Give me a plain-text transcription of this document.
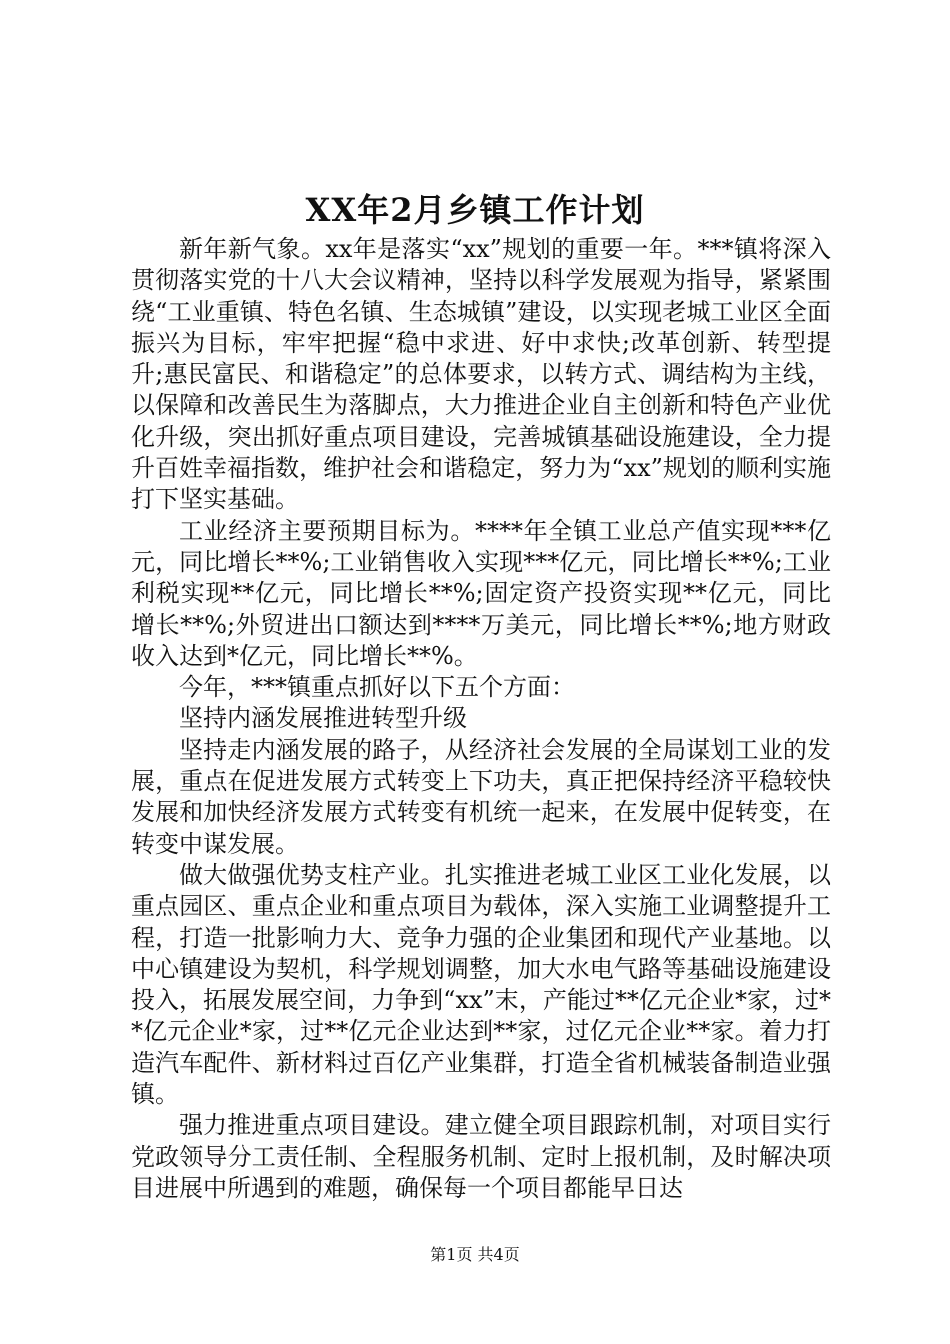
XX年2月乡镇工作计划

新年新气象。xx年是落实“xx”规划的重要一年。***镇将深入贯彻落实党的十八大会议精神，坚持以科学发展观为指导，紧紧围绕“工业重镇、特色名镇、生态城镇”建设，以实现老城工业区全面振兴为目标，牢牢把握“稳中求进、好中求快;改革创新、转型提升;惠民富民、和谐稳定”的总体要求，以转方式、调结构为主线，以保障和改善民生为落脚点，大力推进企业自主创新和特色产业优化升级，突出抓好重点项目建设，完善城镇基础设施建设，全力提升百姓幸福指数，维护社会和谐稳定，努力为“xx”规划的顺利实施打下坚实基础。

工业经济主要预期目标为。****年全镇工业总产值实现***亿元，同比增长**%;工业销售收入实现***亿元，同比增长**%;工业利税实现**亿元，同比增长**%;固定资产投资实现**亿元，同比增长**%;外贸进出口额达到****万美元，同比增长**%;地方财政收入达到*亿元，同比增长**%。

今年，***镇重点抓好以下五个方面：

坚持内涵发展推进转型升级

坚持走内涵发展的路子，从经济社会发展的全局谋划工业的发展，重点在促进发展方式转变上下功夫，真正把保持经济平稳较快发展和加快经济发展方式转变有机统一起来，在发展中促转变，在转变中谋发展。

做大做强优势支柱产业。扎实推进老城工业区工业化发展，以重点园区、重点企业和重点项目为载体，深入实施工业调整提升工程，打造一批影响力大、竞争力强的企业集团和现代产业基地。以中心镇建设为契机，科学规划调整，加大水电气路等基础设施建设投入，拓展发展空间，力争到“xx”末，产能过**亿元企业*家，过**亿元企业*家，过**亿元企业达到**家，过亿元企业**家。着力打造汽车配件、新材料过百亿产业集群，打造全省机械装备制造业强镇。

强力推进重点项目建设。建立健全项目跟踪机制，对项目实行党政领导分工责任制、全程服务机制、定时上报机制，及时解决项目进展中所遇到的难题，确保每一个项目都能早日达

第1页 共4页
